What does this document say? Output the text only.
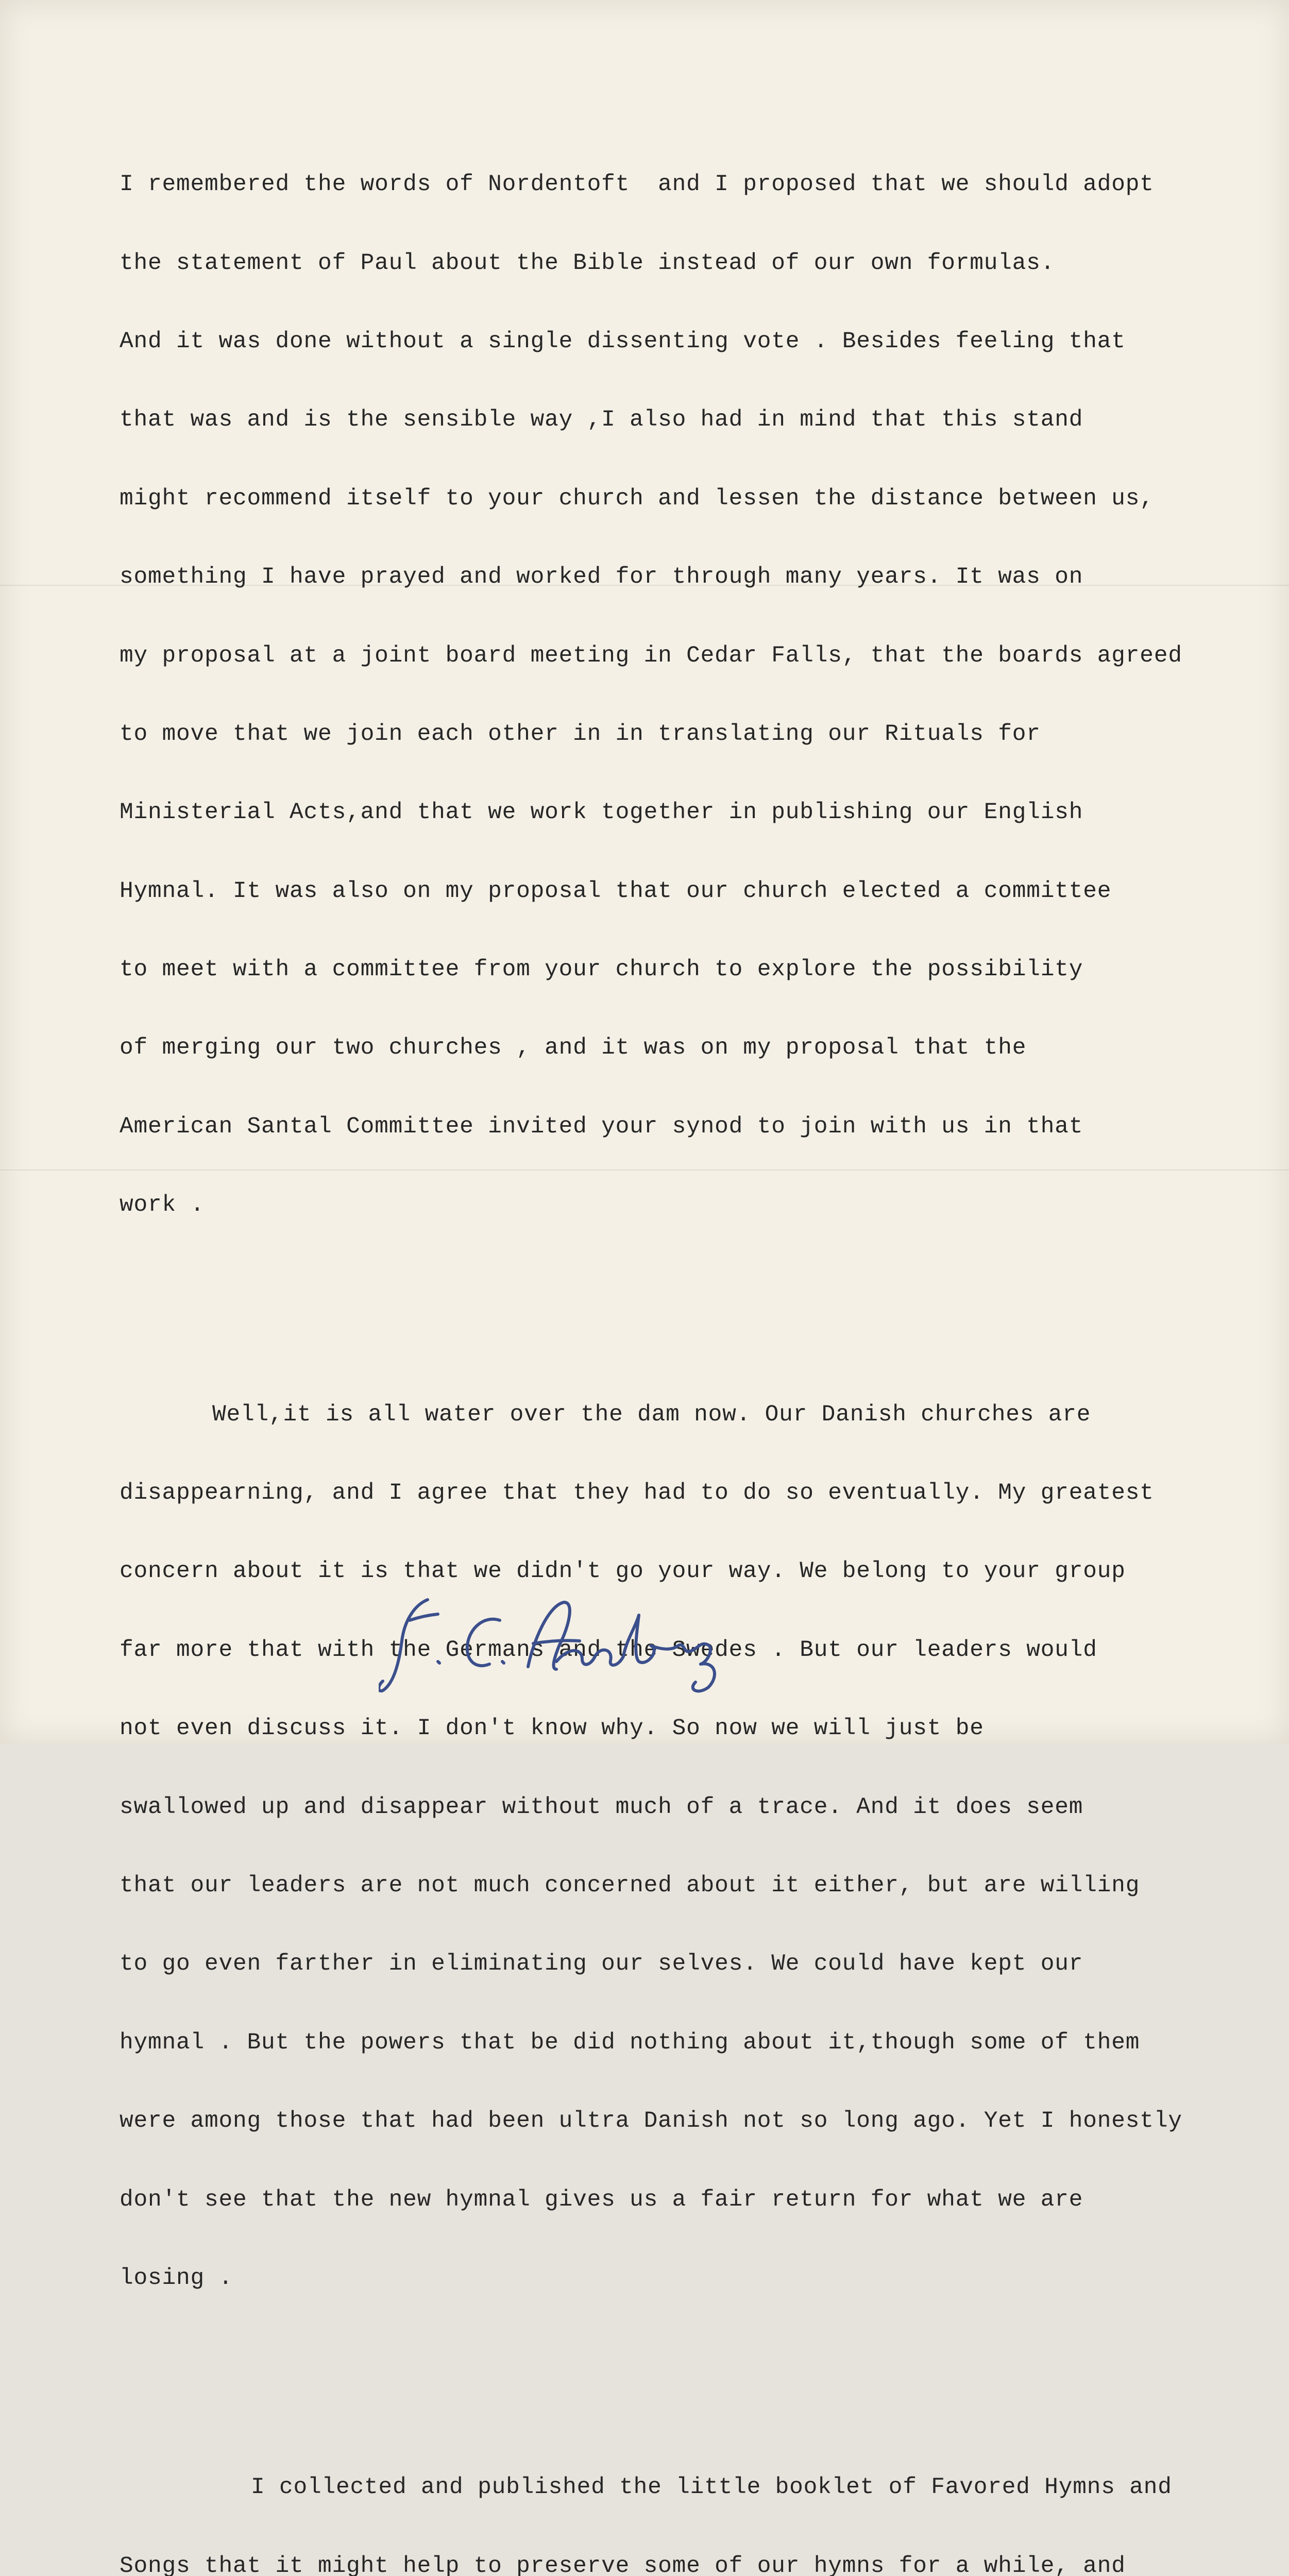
I remembered the words of Nordentoft  and I proposed that we should adopt

the statement of Paul about the Bible instead of our own formulas.

And it was done without a single dissenting vote . Besides feeling that

that was and is the sensible way ,I also had in mind that this stand

might recommend itself to your church and lessen the distance between us,

something I have prayed and worked for through many years. It was on

my proposal at a joint board meeting in Cedar Falls, that the boards agreed

to move that we join each other in in translating our Rituals for

Ministerial Acts,and that we work together in publishing our English

Hymnal. It was also on my proposal that our church elected a committee

to meet with a committee from your church to explore the possibility

of merging our two churches , and it was on my proposal that the

American Santal Committee invited your synod to join with us in that

work .

Well,it is all water over the dam now. Our Danish churches are

disappearning, and I agree that they had to do so eventually. My greatest

concern about it is that we didn't go your way. We belong to your group

far more that with the Germans and the Swedes . But our leaders would

not even discuss it. I don't know why. So now we will just be

swallowed up and disappear without much of a trace. And it does seem

that our leaders are not much concerned about it either, but are willing

to go even farther in eliminating our selves. We could have kept our

hymnal . But the powers that be did nothing about it,though some of them

were among those that had been ultra Danish not so long ago. Yet I honestly

don't see that the new hymnal gives us a fair return for what we are

losing .

I collected and published the little booklet of Favored Hymns and

Songs that it might help to preserve some of our hymns for a while, and
